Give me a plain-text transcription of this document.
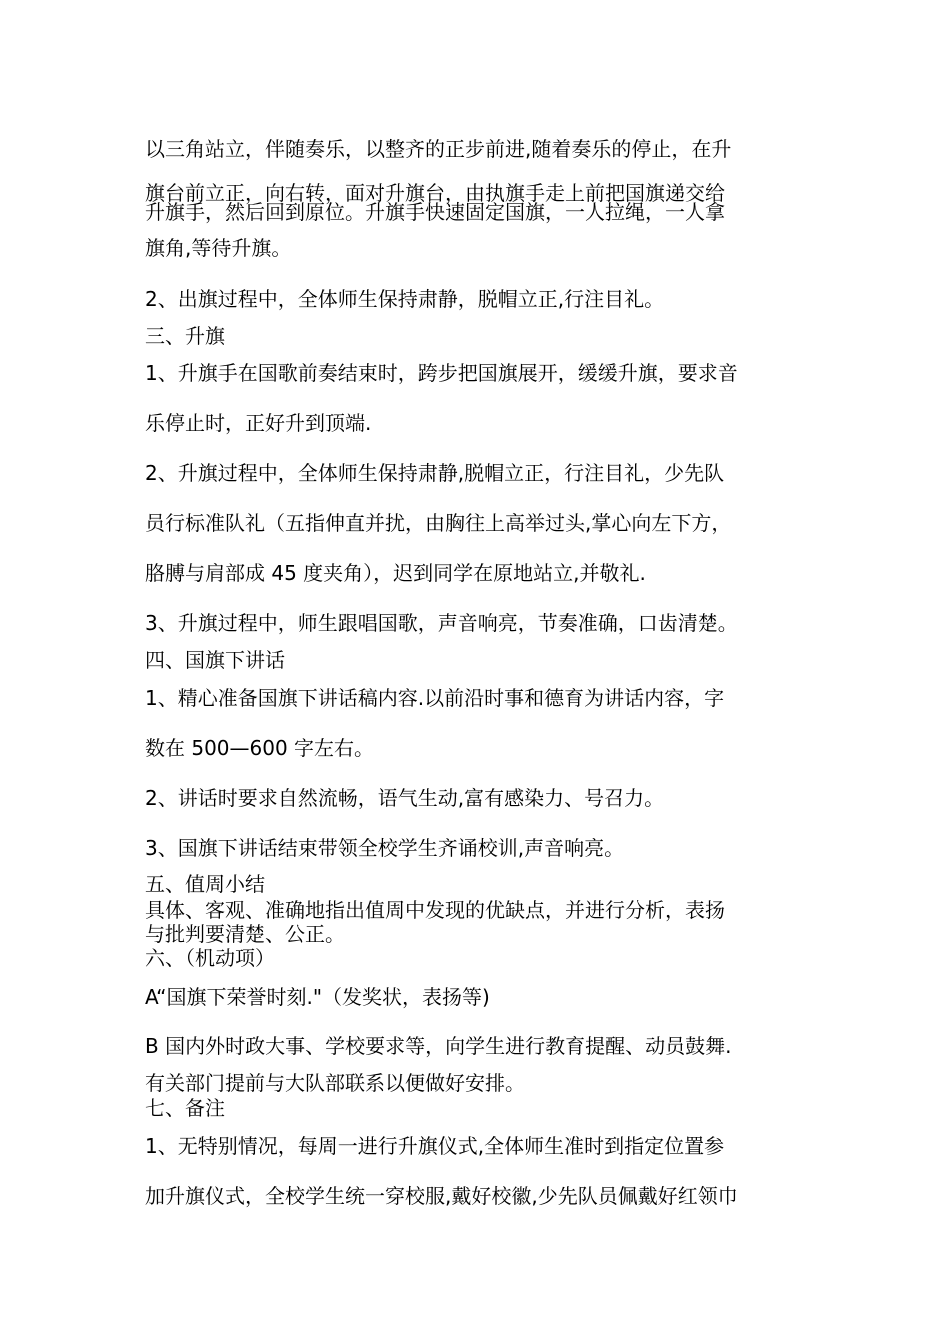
以三角站立，伴随奏乐，以整齐的正步前进,随着奏乐的停止，在升
旗台前立正，向右转，面对升旗台，由执旗手走上前把国旗递交给
升旗手，然后回到原位。升旗手快速固定国旗，一人拉绳，一人拿
旗角,等待升旗。
2、出旗过程中，全体师生保持肃静，脱帽立正,行注目礼。
三、升旗
1、升旗手在国歌前奏结束时，跨步把国旗展开，缓缓升旗，要求音
乐停止时，正好升到顶端.
2、升旗过程中，全体师生保持肃静,脱帽立正，行注目礼，少先队
员行标准队礼（五指伸直并扰，由胸往上高举过头,掌心向左下方，
胳膊与肩部成 45 度夹角），迟到同学在原地站立,并敬礼.
3、升旗过程中，师生跟唱国歌，声音响亮，节奏准确，口齿清楚。
四、国旗下讲话
1、精心准备国旗下讲话稿内容.以前沿时事和德育为讲话内容，字
数在 500—600 字左右。
2、讲话时要求自然流畅，语气生动,富有感染力、号召力。
3、国旗下讲话结束带领全校学生齐诵校训,声音响亮。
五、值周小结
具体、客观、准确地指出值周中发现的优缺点，并进行分析，表扬
与批判要清楚、公正。
六、（机动项）
A“国旗下荣誉时刻."（发奖状，表扬等)
B 国内外时政大事、学校要求等，向学生进行教育提醒、动员鼓舞.
有关部门提前与大队部联系以便做好安排。
七、备注
1、无特别情况，每周一进行升旗仪式,全体师生准时到指定位置参
加升旗仪式，全校学生统一穿校服,戴好校徽,少先队员佩戴好红领巾
